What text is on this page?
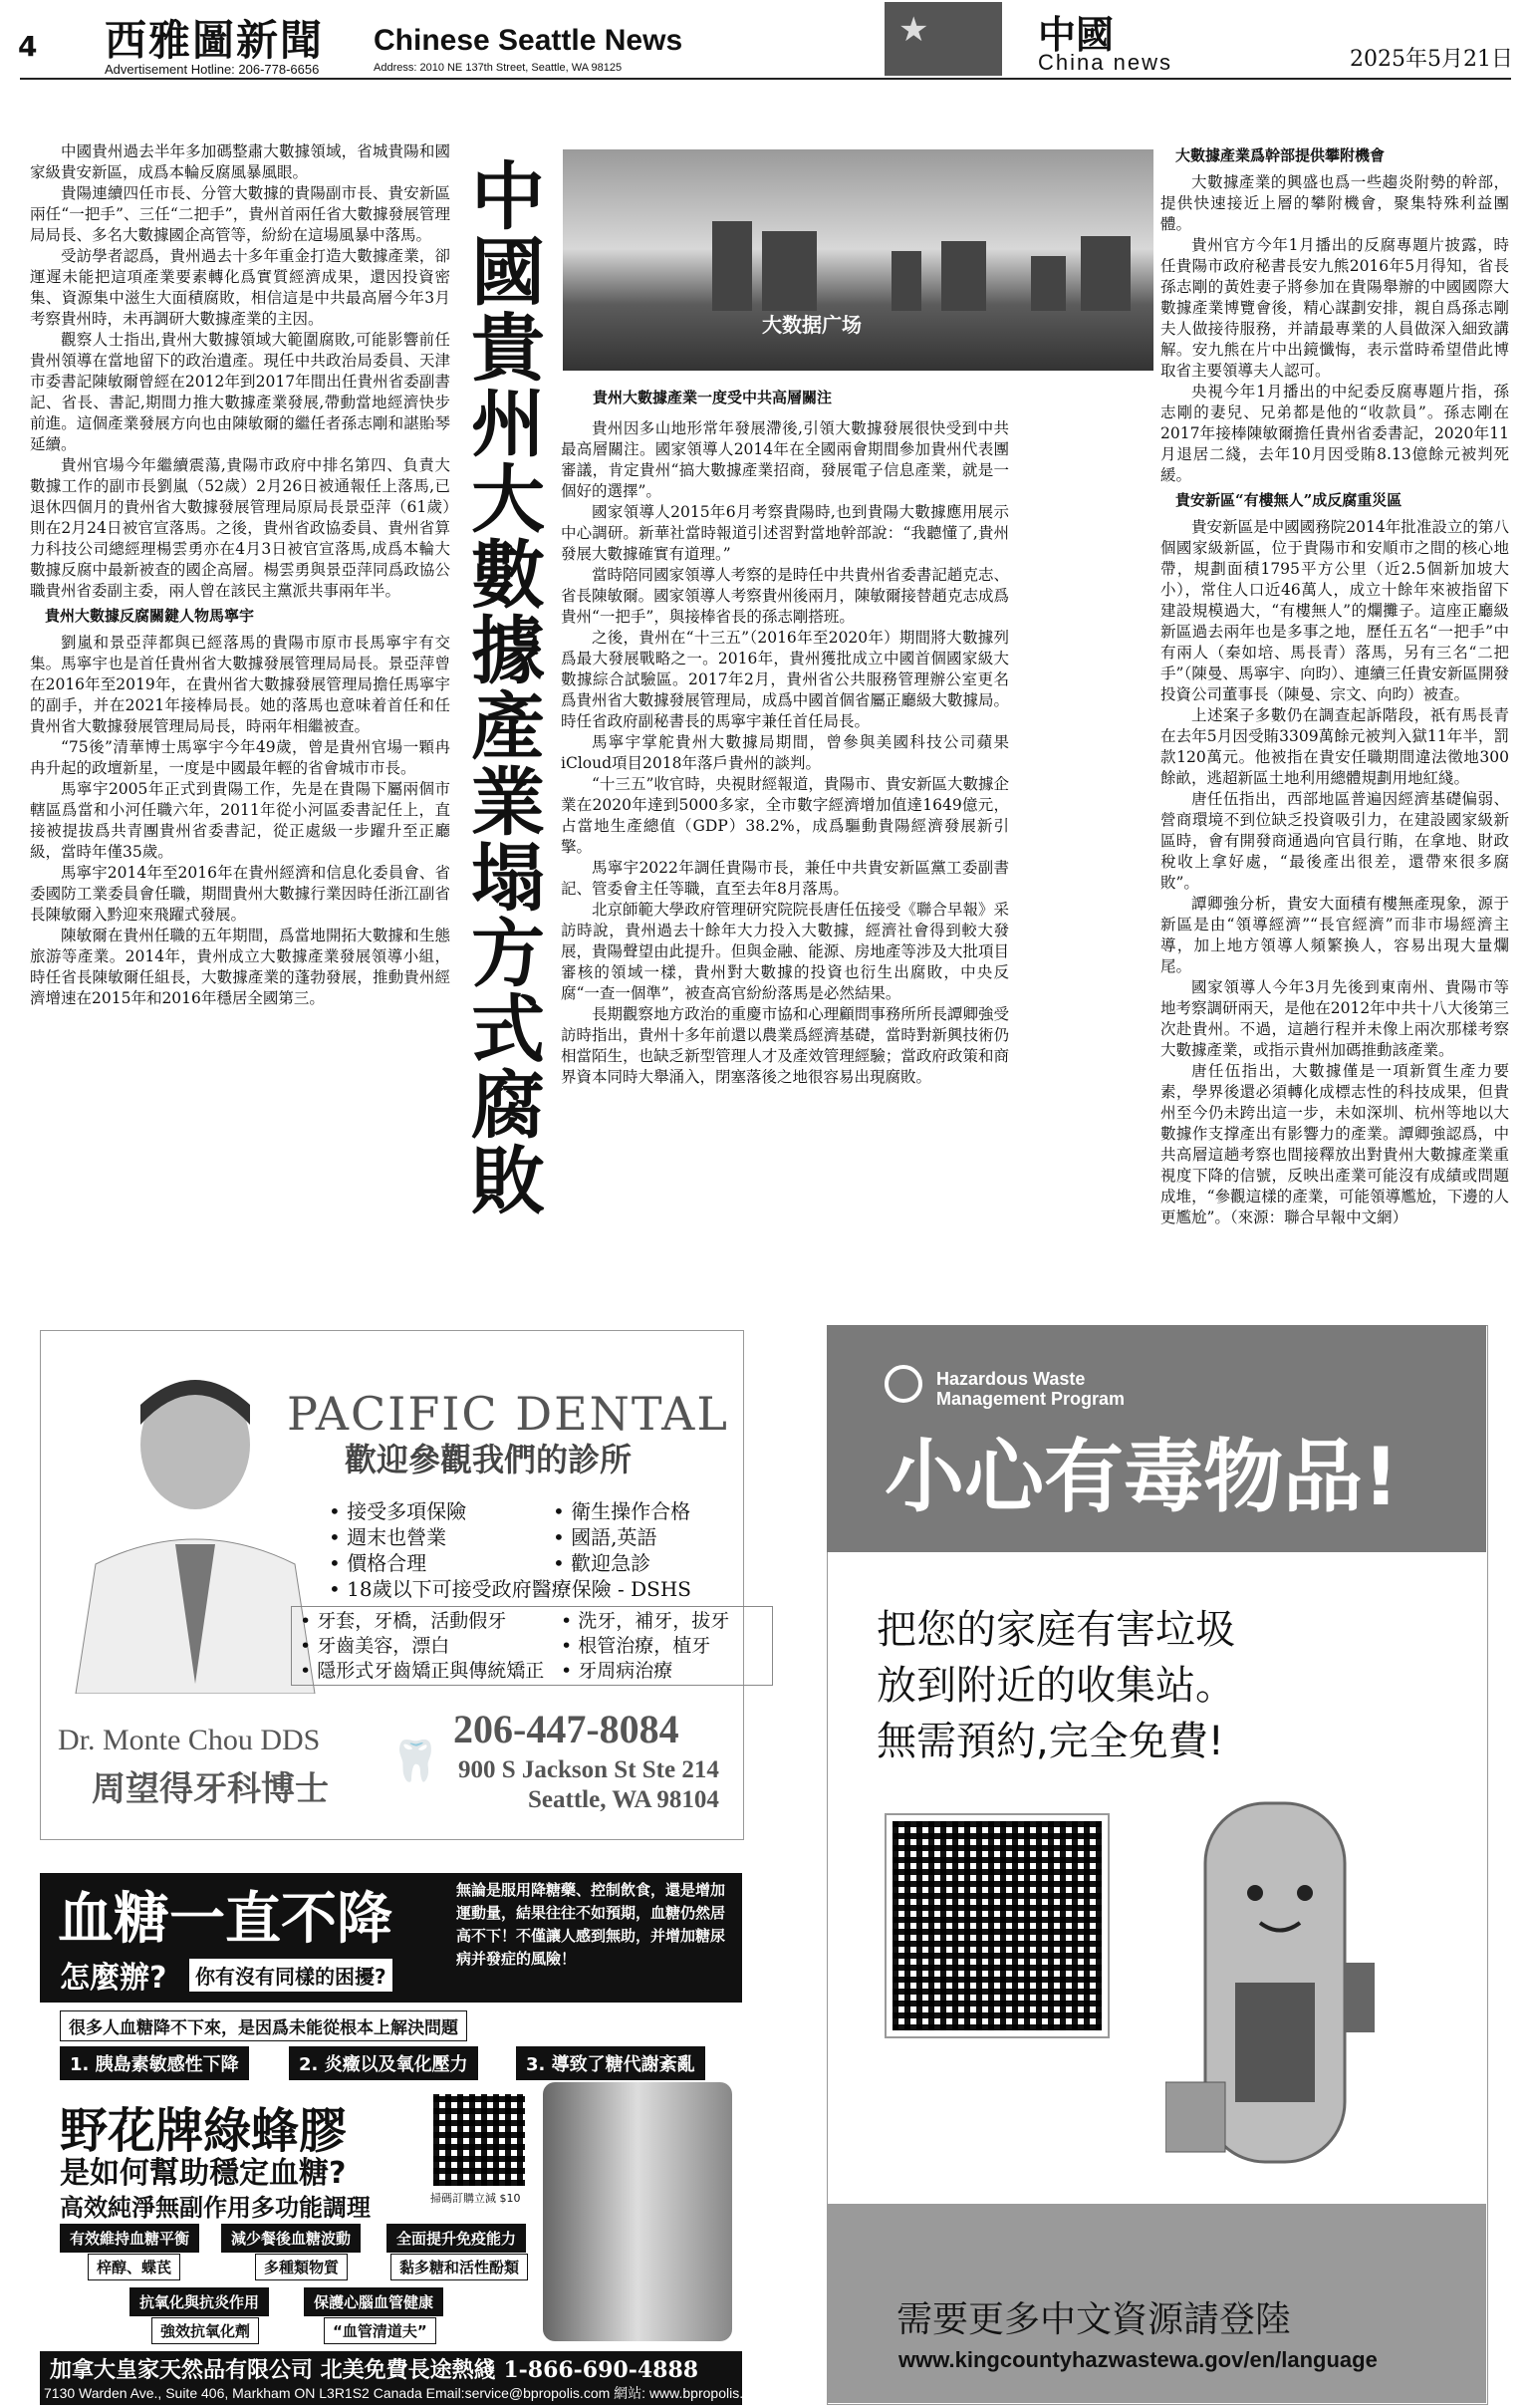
4 西雅圖新聞 Chinese Seattle News
Advertisement Hotline: 206-778-6656	Address: 2010 NE 137th Street, Seattle, WA 98125
★	中國
China news	2025年5月21日

中國貴州過去半年多加碼整肅大數據領域，省城貴陽和國家級貴安新區，成爲本輪反腐風暴風眼。

貴陽連續四任市長、分管大數據的貴陽副市長、貴安新區兩任“一把手”、三任“二把手”，貴州首兩任省大數據發展管理局局長、多名大數據國企高管等，紛紛在這場風暴中落馬。

受訪學者認爲，貴州過去十多年重金打造大數據產業，卻運遲未能把這項產業要素轉化爲實質經濟成果，還因投資密集、資源集中滋生大面積腐敗，相信這是中共最高層今年3月考察貴州時，未再調研大數據產業的主因。

觀察人士指出,貴州大數據領域大範圍腐敗,可能影響前任貴州領導在當地留下的政治遺產。現任中共政治局委員、天津市委書記陳敏爾曾經在2012年到2017年間出任貴州省委副書記、省長、書記,期間力推大數據產業發展,帶動當地經濟快步前進。這個產業發展方向也由陳敏爾的繼任者孫志剛和諶貽琴延續。

貴州官場今年繼續震蕩,貴陽市政府中排名第四、負責大數據工作的副市長劉嵐（52歲）2月26日被通報任上落馬,已退休四個月的貴州省大數據發展管理局原局長景亞萍（61歲）則在2月24日被官宣落馬。之後，貴州省政協委員、貴州省算力科技公司總經理楊雲勇亦在4月3日被官宣落馬,成爲本輪大數據反腐中最新被查的國企高層。楊雲勇與景亞萍同爲政協公職貴州省委副主委，兩人曾在該民主黨派共事兩年半。

貴州大數據反腐關鍵人物馬寧宇

劉嵐和景亞萍都與已經落馬的貴陽市原市長馬寧宇有交集。馬寧宇也是首任貴州省大數據發展管理局局長。景亞萍曾在2016年至2019年，在貴州省大數據發展管理局擔任馬寧宇的副手，并在2021年接棒局長。她的落馬也意味着首任和任貴州省大數據發展管理局局長，時兩年相繼被查。

“75後”清華博士馬寧宇今年49歲，曾是貴州官場一顆冉冉升起的政壇新星，一度是中國最年輕的省會城市市長。

馬寧宇2005年正式到貴陽工作，先是在貴陽下屬兩個市轄區爲當和小河任職六年，2011年從小河區委書記任上，直接被提拔爲共青團貴州省委書記，從正處級一步躍升至正廳級，當時年僅35歲。

馬寧宇2014年至2016年在貴州經濟和信息化委員會、省委國防工業委員會任職，期間貴州大數據行業因時任浙江副省長陳敏爾入黔迎來飛躍式發展。

陳敏爾在貴州任職的五年期間，爲當地開拓大數據和生態旅游等產業。2014年，貴州成立大數據產業發展領導小組，時任省長陳敏爾任組長，大數據產業的蓬勃發展，推動貴州經濟增速在2015年和2016年穩居全國第三。

中國貴州大數據產業塌方式腐敗
大数据广场
貴州大數據產業一度受中共高層關注

貴州因多山地形常年發展滯後,引領大數據發展很快受到中共最高層關注。國家領導人2014年在全國兩會期間參加貴州代表團審議，肯定貴州“搞大數據產業招商，發展電子信息產業，就是一個好的選擇”。

國家領導人2015年6月考察貴陽時,也到貴陽大數據應用展示中心調研。新華社當時報道引述習對當地幹部說：“我聽懂了,貴州發展大數據確實有道理。”

當時陪同國家領導人考察的是時任中共貴州省委書記趙克志、省長陳敏爾。國家領導人考察貴州後兩月，陳敏爾接替趙克志成爲貴州“一把手”，與接棒省長的孫志剛搭班。

之後，貴州在“十三五”（2016年至2020年）期間將大數據列爲最大發展戰略之一。2016年，貴州獲批成立中國首個國家級大數據綜合試驗區。2017年2月，貴州省公共服務管理辦公室更名爲貴州省大數據發展管理局，成爲中國首個省屬正廳級大數據局。時任省政府副秘書長的馬寧宇兼任首任局長。

馬寧宇掌舵貴州大數據局期間，曾參與美國科技公司蘋果iCloud項目2018年落戶貴州的談判。

“十三五”收官時，央視財經報道，貴陽市、貴安新區大數據企業在2020年達到5000多家，全市數字經濟增加值達1649億元，占當地生產總值（GDP）38.2%，成爲驅動貴陽經濟發展新引擎。

馬寧宇2022年調任貴陽市長，兼任中共貴安新區黨工委副書記、管委會主任等職，直至去年8月落馬。

北京師範大學政府管理研究院院長唐任伍接受《聯合早報》采訪時說，貴州過去十餘年大力投入大數據，經濟社會得到較大發展，貴陽聲望由此提升。但與金融、能源、房地產等涉及大批項目審核的領域一樣，貴州對大數據的投資也衍生出腐敗，中央反腐“一查一個準”，被查高官紛紛落馬是必然結果。

長期觀察地方政治的重慶市協和心理顧問事務所所長譚卿強受訪時指出，貴州十多年前還以農業爲經濟基礎，當時對新興技術仍相當陌生，也缺乏新型管理人才及產效管理經驗；當政府政策和商界資本同時大舉涌入，閉塞落後之地很容易出現腐敗。

大數據產業爲幹部提供攀附機會

大數據產業的興盛也爲一些趨炎附勢的幹部，提供快速接近上層的攀附機會，聚集特殊利益團體。

貴州官方今年1月播出的反腐專題片披露，時任貴陽市政府秘書長安九熊2016年5月得知，省長孫志剛的黃姓妻子將參加在貴陽舉辦的中國國際大數據產業博覽會後，精心謀劃安排，親自爲孫志剛夫人做接待服務，并請最專業的人員做深入細致講解。安九熊在片中出鏡懺悔，表示當時希望借此博取省主要領導夫人認可。

央視今年1月播出的中紀委反腐專題片指，孫志剛的妻兒、兄弟都是他的“收款員”。孫志剛在2017年接棒陳敏爾擔任貴州省委書記，2020年11月退居二綫，去年10月因受賄8.13億餘元被判死緩。

貴安新區“有樓無人”成反腐重災區

貴安新區是中國國務院2014年批准設立的第八個國家級新區，位于貴陽市和安順市之間的核心地帶，規劃面積1795平方公里（近2.5個新加坡大小），常住人口近46萬人，成立十餘年來被指留下建設規模過大，“有樓無人”的爛攤子。這座正廳級新區過去兩年也是多事之地，歷任五名“一把手”中有兩人（秦如培、馬長青）落馬，另有三名“二把手”（陳曼、馬寧宇、向昀）、連續三任貴安新區開發投資公司董事長（陳曼、宗文、向昀）被查。

上述案子多數仍在調查起訴階段，祇有馬長青在去年5月因受賄3309萬餘元被判入獄11年半，罰款120萬元。他被指在貴安任職期間違法徵地300餘畝，逃超新區土地利用總體規劃用地紅綫。

唐任伍指出，西部地區普遍因經濟基礎偏弱、營商環境不到位缺乏投資吸引力，在建設國家級新區時，會有開發商通過向官員行賄，在拿地、財政稅收上拿好處，“最後產出很差，還帶來很多腐敗”。

譚卿強分析，貴安大面積有樓無產現象，源于新區是由“領導經濟”“長官經濟”而非市場經濟主導，加上地方領導人頻繁換人，容易出現大量爛尾。

國家領導人今年3月先後到東南州、貴陽市等地考察調研兩天，是他在2012年中共十八大後第三次赴貴州。不過，這趟行程并未像上兩次那樣考察大數據產業，或指示貴州加碼推動該產業。

唐任伍指出，大數據僅是一項新質生產力要素，學界後還必須轉化成標志性的科技成果，但貴州至今仍未跨出這一步，未如深圳、杭州等地以大數據作支撑產出有影響力的產業。譚卿強認爲，中共高層這趟考察也間接釋放出對貴州大數據產業重視度下降的信號，反映出產業可能沒有成績或問題成堆，“參觀這樣的產業，可能領導尷尬，下邊的人更尷尬”。（來源：聯合早報中文網）

PACIFIC DENTAL
歡迎參觀我們的診所
• 接受多項保險
• 週末也營業
• 價格合理
• 18歲以下可接受政府醫療保險 - DSHS
• 衛生操作合格
• 國語,英語
• 歡迎急診
• 牙套，牙橋，活動假牙
• 牙齒美容，漂白
• 隱形式牙齒矯正與傳統矯正
• 洗牙，補牙，拔牙
• 根管治療，植牙
• 牙周病治療
Dr. Monte Chou DDS
周望得牙科博士
🦷
206-447-8084
900 S Jackson St Ste 214
Seattle, WA 98104
血糖一直不降
怎麼辦?	你有沒有同樣的困擾?
無論是服用降糖藥、控制飲食，還是增加運動量，結果往往不如預期，血糖仍然居高不下！不僅讓人感到無助，并增加糖尿病并發症的風險！
很多人血糖降不下來，是因爲未能從根本上解決問題
1. 胰島素敏感性下降	2. 炎癥以及氧化壓力	3. 導致了糖代謝紊亂
野花牌綠蜂膠
是如何幫助穩定血糖?
高效純淨無副作用多功能調理	掃碼訂購立減 $10
有效維持血糖平衡
梓醇、蝶芪
減少餐後血糖波動
多種類物質
全面提升免疫能力
黏多糖和活性酚類
抗氧化與抗炎作用
強效抗氧化劑
保護心腦血管健康
“血管清道夫”
加拿大皇家天然品有限公司 北美免費長途熱綫 1-866-690-4888
7130 Warden Ave., Suite 406, Markham ON L3R1S2 Canada Email:service@bpropolis.com 網站: www.bpropolis.com
Hazardous Waste Management Program
小心有毒物品!
把您的家庭有害垃圾
放到附近的收集站。
無需預約,完全免費!
需要更多中文資源請登陸
www.kingcountyhazwastewa.gov/en/language
